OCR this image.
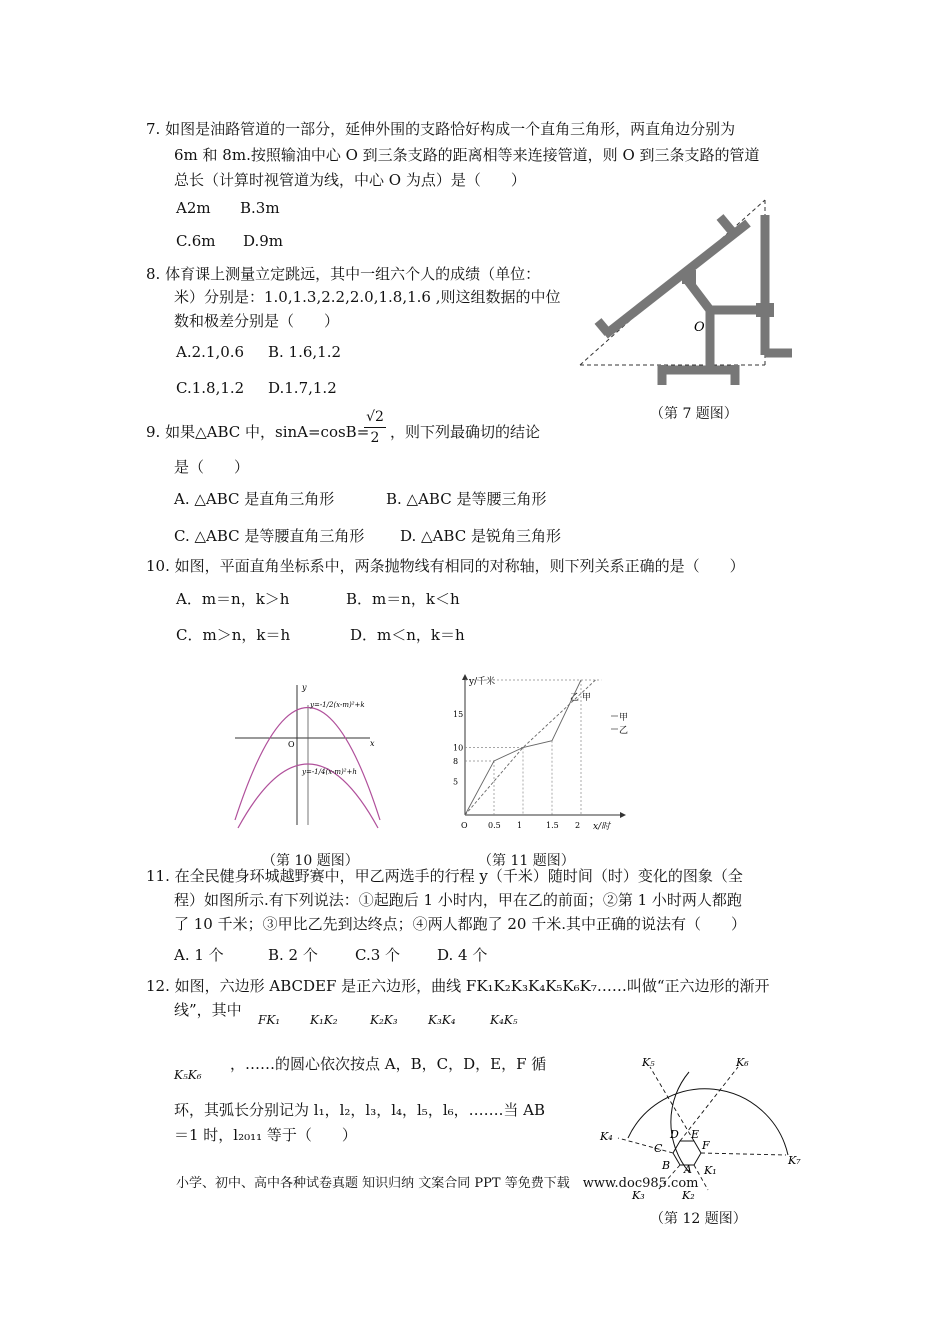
7. 如图是油路管道的一部分，延伸外围的支路恰好构成一个直角三角形，两直角边分别为
6m 和 8m.按照输油中心 O 到三条支路的距离相等来连接管道，则 O 到三条支路的管道
总长（计算时视管道为线，中心 O 为点）是（　　）
A2m B.3m
C.6m D.9m
O
（第 7 题图）
8. 体育课上测量立定跳远，其中一组六个人的成绩（单位：
米）分别是：1.0,1.3,2.2,2.0,1.8,1.6 ,则这组数据的中位
数和极差分别是（　　）
A.2.1,0.6 B. 1.6,1.2
C.1.8,1.2 D.1.7,1.2
9. 如果△ABC 中，sinA=cosB=
$\frac{√2}{2}$ ，则下列最确切的结论
是（　　）
A. △ABC 是直角三角形	B. △ABC 是等腰三角形
C. △ABC 是等腰直角三角形 D. △ABC 是锐角三角形
10. 如图，平面直角坐标系中，两条抛物线有相同的对称轴，则下列关系正确的是（　　）
A．m＝n，k＞h	B．m＝n，k＜h
C．m＞n，k＝h	D．m＜n，k＝h
y
x
O
y=-1/2(x-m)²+k
y=-1/4(x-m)²+h
（第 10 题图）
y/千米
x/时
乙 甲
O	0.5 1	1.5 2
5
8
10
15	甲
乙
（第 11 题图）
11. 在全民健身环城越野赛中，甲乙两选手的行程 y（千米）随时间（时）变化的图象（全
程）如图所示.有下列说法：①起跑后 1 小时内，甲在乙的前面；②第 1 小时两人都跑
了 10 千米；③甲比乙先到达终点；④两人都跑了 20 千米.其中正确的说法有（　　）
A. 1 个	B. 2 个 C.3 个 D. 4 个
12. 如图，六边形 ABCDEF 是正六边形，曲线 FK₁K₂K₃K₄K₅K₆K₇……叫做“正六边形的渐开
线”，其中
FK₁ K₁K₂	K₂K₃	K₃K₄	K₄K₅
K₅K₆
，……的圆心依次按点 A，B，C，D，E，F 循
环，其弧长分别记为 l₁，l₂，l₃，l₄，l₅，l₆，…….当 AB
＝1 时，l₂₀₁₁ 等于（　　）
K₅	K₆
K₄
K₇
K₁
K₂
K₃
D E
C	F
B A
（第 12 题图）
小学、初中、高中各种试卷真题 知识归纳 文案合同 PPT 等免费下载　www.doc985.com
